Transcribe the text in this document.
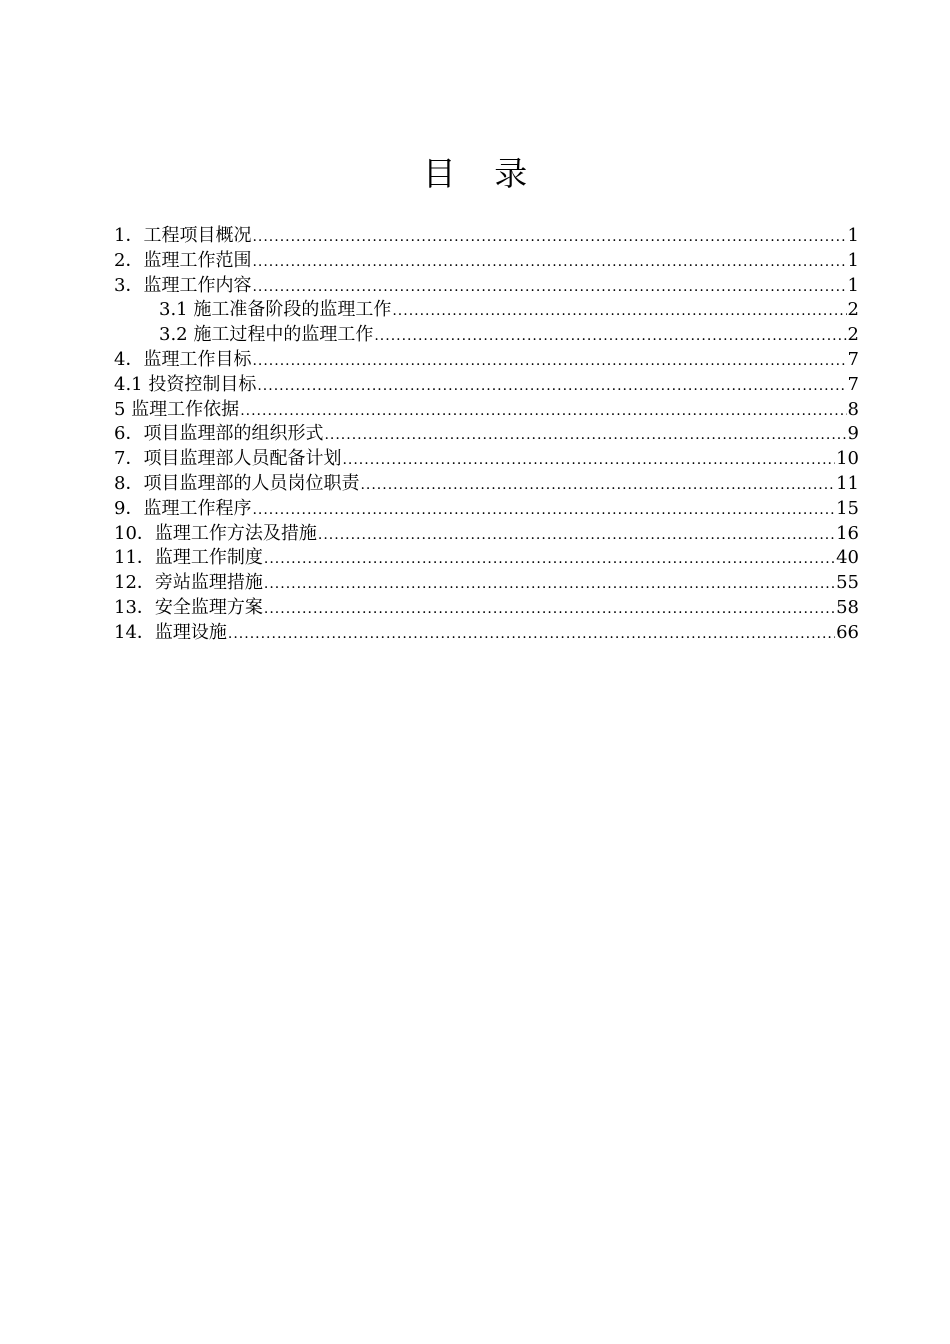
目 录
1．工程项目概况 .....	1
2．监理工作范围 .....	1
3．监理工作内容 .....	1
3.1 施工准备阶段的监理工作 .....	2
3.2 施工过程中的监理工作 .....	2
4．监理工作目标 .....	7
4.1 投资控制目标 .....	7
5 监理工作依据 .....	8
6．项目监理部的组织形式 .....	9
7．项目监理部人员配备计划 .....	10
8．项目监理部的人员岗位职责 .....	11
9．监理工作程序 .....	15
10．监理工作方法及措施 .....	16
11．监理工作制度 .....	40
12．旁站监理措施 .....	55
13．安全监理方案 .....	58
14．监理设施 .....	66
